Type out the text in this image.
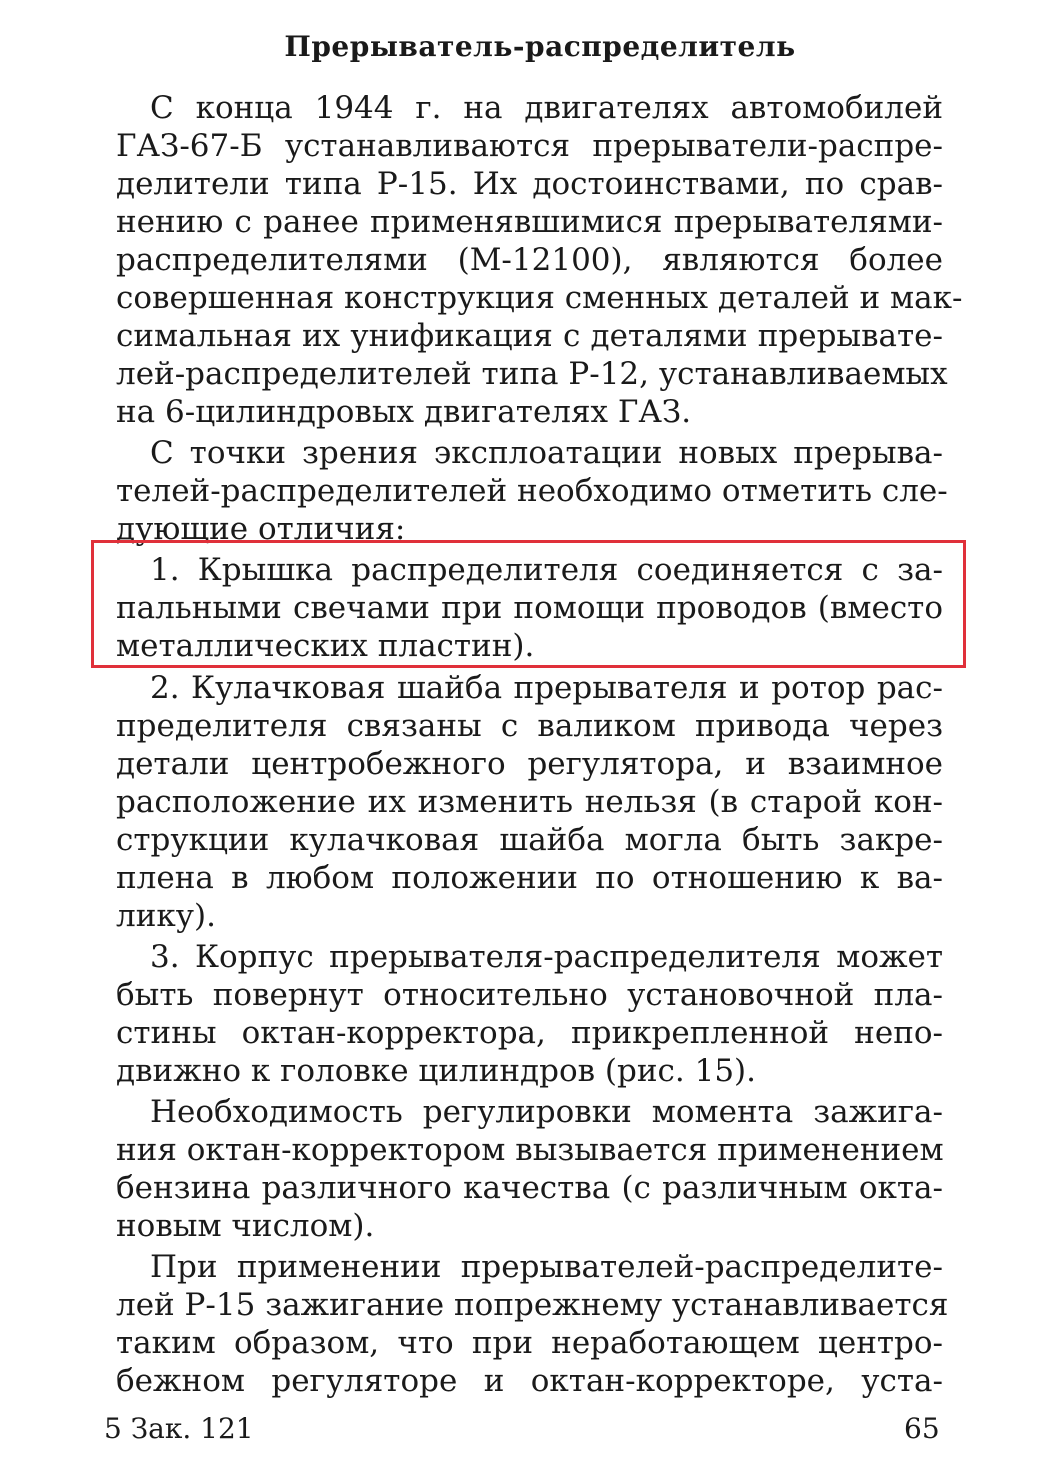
Прерыватель-распределитель
С конца 1944 г. на двигателях автомобилей
ГАЗ-67-Б устанавливаются прерыватели-распре-
делители типа Р-15. Их достоинствами, по срав-
нению с ранее применявшимися прерывателями-
распределителями (М-12100), являются более
совершенная конструкция сменных деталей и мак-
симальная их унификация с деталями прерывате-
лей-распределителей типа Р-12, устанавливаемых
на 6-цилиндровых двигателях ГАЗ.
С точки зрения эксплоатации новых прерыва-
телей-распределителей необходимо отметить сле-
дующие отличия:
1. Крышка распределителя соединяется с за-
пальными свечами при помощи проводов (вместо
металлических пластин).
2. Кулачковая шайба прерывателя и ротор рас-
пределителя связаны с валиком привода через
детали центробежного регулятора, и взаимное
расположение их изменить нельзя (в старой кон-
струкции кулачковая шайба могла быть закре-
плена в любом положении по отношению к ва-
лику).
3. Корпус прерывателя-распределителя может
быть повернут относительно установочной пла-
стины октан-корректора, прикрепленной непо-
движно к головке цилиндров (рис. 15).
Необходимость регулировки момента зажига-
ния октан-корректором вызывается применением
бензина различного качества (с различным окта-
новым числом).
При применении прерывателей-распределите-
лей Р-15 зажигание попрежнему устанавливается
таким образом, что при неработающем центро-
бежном регуляторе и октан-корректоре, уста-
5 Зак. 121	65
